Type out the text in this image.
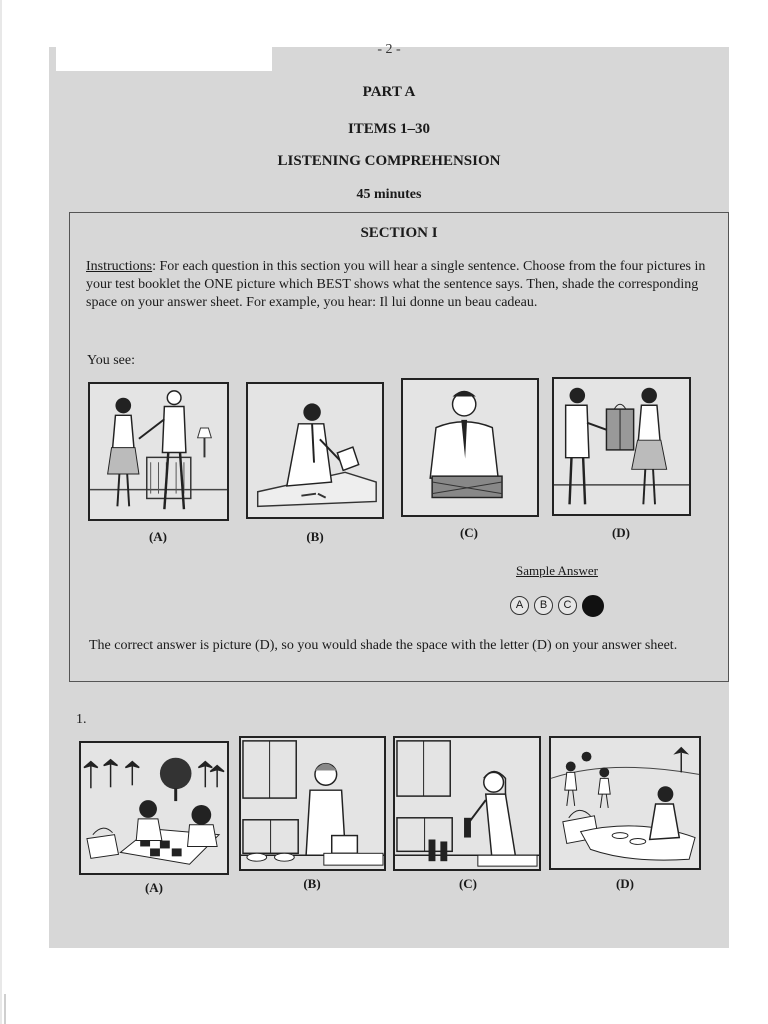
- 2 -
PART A
ITEMS 1–30
LISTENING COMPREHENSION
45 minutes
SECTION I

Instructions: For each question in this section you will hear a single sentence. Choose from the four pictures in your test booklet the ONE picture which BEST shows what the sentence says. Then, shade the corresponding space on your answer sheet. For example, you hear: Il lui donne un beau cadeau.

You see:
(A)	(B)	(C)	(D)
Sample Answer
A	B	C

The correct answer is picture (D), so you would shade the space with the letter (D) on your answer sheet.

1.
(A)	(B)	(C)	(D)
